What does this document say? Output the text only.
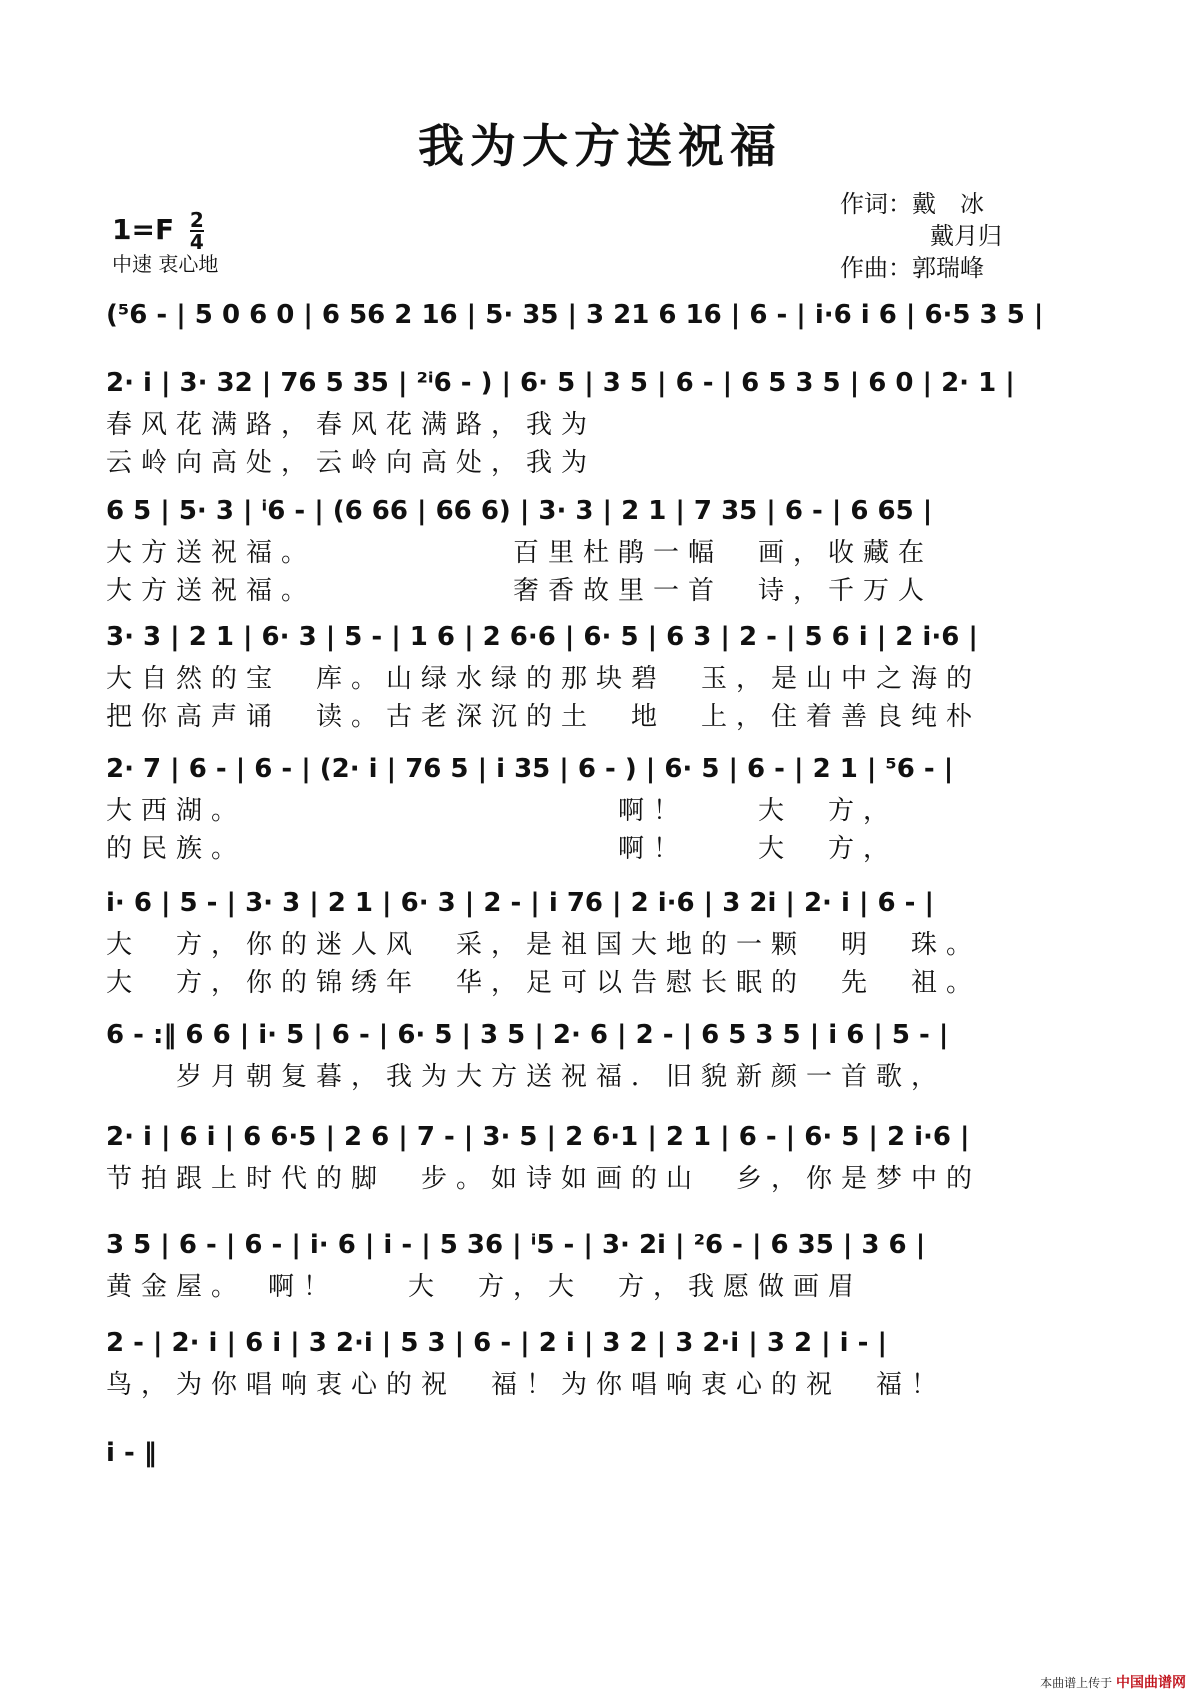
我为大方送祝福
$1=F \frac{2}{4}$
中速 衷心地
作词：戴　冰
戴月归
作曲：郭瑞峰
(⁵6 - | 5 0 6 0 | 6 56 2 16 | 5· 35 | 3 21 6 16 | 6 - | i·6 i 6 | 6·5 3 5 |
2· i | 3· 32 | 76 5 35 | ²ⁱ6 - ) | 6· 5 | 3 5 | 6 - | 6 5 3 5 | 6 0 | 2· 1 |
春风花满路，春风花满路，我为
云岭向高处，云岭向高处，我为
6 5 | 5· 3 | ⁱ6 - | (6 66 | 66 6) | 3· 3 | 2 1 | 7 35 | 6 - | 6 65 |
大方送祝福。　　　　　　百里杜鹃一幅　画，收藏在
大方送祝福。　　　　　　奢香故里一首　诗，千万人
3· 3 | 2 1 | 6· 3 | 5 - | 1 6 | 2 6·6 | 6· 5 | 6 3 | 2 - | 5 6 i | 2 i·6 |
大自然的宝　库。山绿水绿的那块碧　玉，是山中之海的
把你高声诵　读。古老深沉的土　地　上，住着善良纯朴
2· 7 | 6 - | 6 - | (2· i | 76 5 | i 35 | 6 - ) | 6· 5 | 6 - | 2 1 | ⁵6 - |
大西湖。　　　　　　　　　　　啊！　　大　方，
的民族。　　　　　　　　　　　啊！　　大　方，
i· 6 | 5 - | 3· 3 | 2 1 | 6· 3 | 2 - | i 76 | 2 i·6 | 3 2i | 2· i | 6 - |
大　方，你的迷人风　采，是祖国大地的一颗　明　珠。
大　方，你的锦绣年　华，足可以告慰长眠的　先　祖。
6 - :‖ 6 6 | i· 5 | 6 - | 6· 5 | 3 5 | 2· 6 | 2 - | 6 5 3 5 | i 6 | 5 - |
　　岁月朝复暮，我为大方送祝福．旧貌新颜一首歌，
2· i | 6 i | 6 6·5 | 2 6 | 7 - | 3· 5 | 2 6·1 | 2 1 | 6 - | 6· 5 | 2 i·6 |
节拍跟上时代的脚　步。如诗如画的山　乡，你是梦中的
3 5 | 6 - | 6 - | i· 6 | i - | 5 36 | ⁱ5 - | 3· 2i | ²6 - | 6 35 | 3 6 |
黄金屋。　啊！　　大　方，大　方，我愿做画眉
2 - | 2· i | 6 i | 3 2·i | 5 3 | 6 - | 2 i | 3 2 | 3 2·i | 3 2 | i - |
鸟，为你唱响衷心的祝　福！为你唱响衷心的祝　福！
i - ‖
本曲谱上传于 中国曲谱网
